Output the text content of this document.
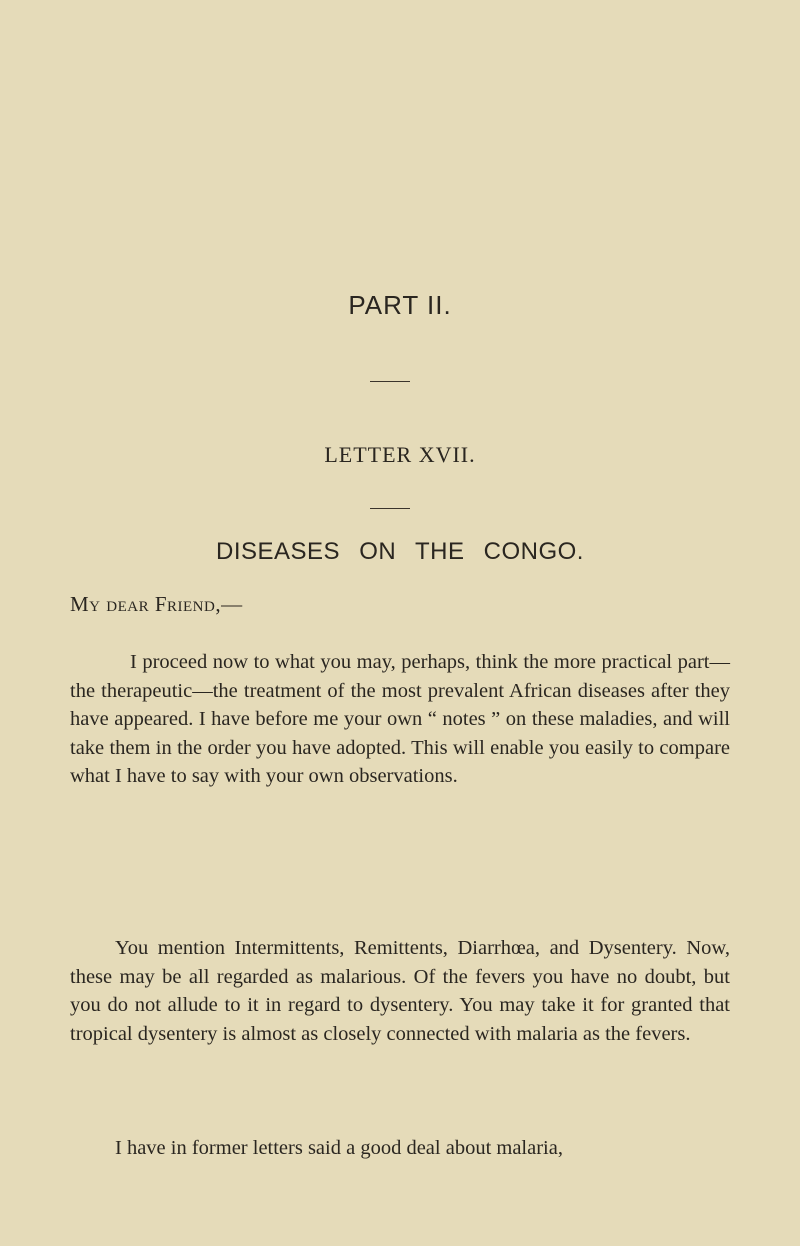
PART II.
LETTER XVII.
DISEASES ON THE CONGO.

My dear Friend,—

I proceed now to what you may, perhaps, think the more practical part—the therapeutic—the treatment of the most prevalent African diseases after they have appeared. I have before me your own “ notes ” on these maladies, and will take them in the order you have adopted. This will enable you easily to compare what I have to say with your own observations.

You mention Intermittents, Remittents, Diarrhœa, and Dysentery. Now, these may be all regarded as malarious. Of the fevers you have no doubt, but you do not allude to it in regard to dysentery. You may take it for granted that tropical dysentery is almost as closely connected with malaria as the fevers.

I have in former letters said a good deal about malaria,
